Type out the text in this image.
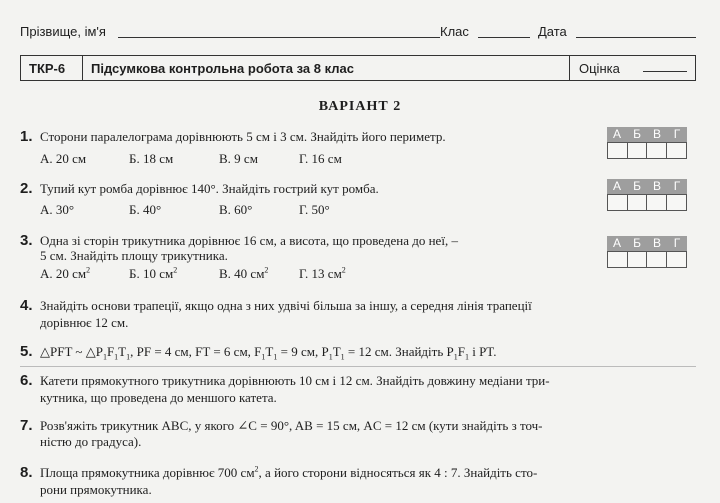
Прізвище, ім'я	Клас	Дата
ТКР-6 Підсумкова контрольна робота за 8 клас	Оцінка
ВАРІАНТ 2
1. Сторони паралелограма дорівнюють 5 см і 3 см. Знайдіть його периметр.
А. 20 см	Б. 18 см	В. 9 см	Г. 16 см
2. Тупий кут ромба дорівнює 140°. Знайдіть гострий кут ромба.
А. 30°	Б. 40°	В. 60°	Г. 50°
3. Одна зі сторін трикутника дорівнює 16 см, а висота, що проведена до неї, –
5 см. Знайдіть площу трикутника.
А. 20 $см^2$	Б. 10 $см^2$	В. 40 $см^2$	Г. 13 $см^2$
4. Знайдіть основи трапеції, якщо одна з них удвічі більша за іншу, а середня лінія трапеції
дорівнює 12 см.
5. △PFT ~ $\triangle P_1F_1T_1$, PF = 4 см, FT = 6 см, $F_1T_1 = 9$ см, $P_1T_1 = 12$ см. Знайдіть $P_1F_1$ і PT.
6. Катети прямокутного трикутника дорівнюють 10 см і 12 см. Знайдіть довжину медіани три-
кутника, що проведена до меншого катета.
7. Розв'яжіть трикутник ABC, у якого ∠C = 90°, AB = 15 см, AC = 12 см (кути знайдіть з точ-
ністю до градуса).
8. Площа прямокутника дорівнює 700 $см^2$, а його сторони відносяться як 4 : 7. Знайдіть сто-
рони прямокутника.
А	Б	В	Г
А	Б	В	Г
А	Б	В	Г
